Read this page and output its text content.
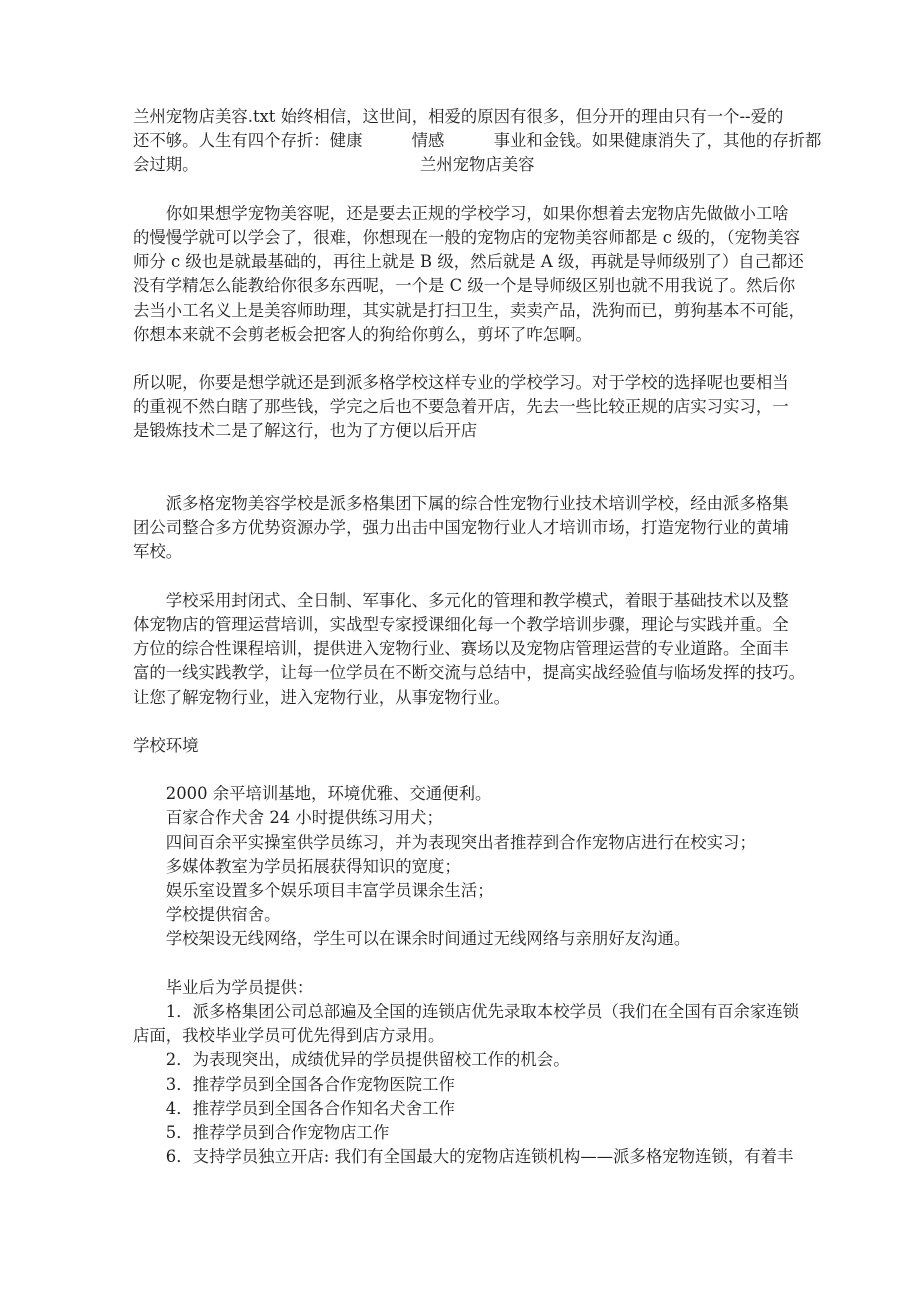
兰州宠物店美容.txt 始终相信，这世间，相爱的原因有很多，但分开的理由只有一个--爱的
还不够。人生有四个存折：健康　　　情感　　　事业和金钱。如果健康消失了，其他的存折都
会过期。　　　　　　　　　　　　　　兰州宠物店美容
　　你如果想学宠物美容呢，还是要去正规的学校学习，如果你想着去宠物店先做做小工啥
的慢慢学就可以学会了，很难，你想现在一般的宠物店的宠物美容师都是 c 级的，（宠物美容
师分 c 级也是就最基础的，再往上就是 B 级，然后就是 A 级，再就是导师级别了）自己都还
没有学精怎么能教给你很多东西呢，一个是 C 级一个是导师级区别也就不用我说了。然后你
去当小工名义上是美容师助理，其实就是打扫卫生，卖卖产品，洗狗而已，剪狗基本不可能，
你想本来就不会剪老板会把客人的狗给你剪么，剪坏了咋怎啊。
所以呢，你要是想学就还是到派多格学校这样专业的学校学习。对于学校的选择呢也要相当
的重视不然白瞎了那些钱，学完之后也不要急着开店，先去一些比较正规的店实习实习，一
是锻炼技术二是了解这行，也为了方便以后开店
　　派多格宠物美容学校是派多格集团下属的综合性宠物行业技术培训学校，经由派多格集
团公司整合多方优势资源办学，强力出击中国宠物行业人才培训市场，打造宠物行业的黄埔
军校。
　　学校采用封闭式、全日制、军事化、多元化的管理和教学模式，着眼于基础技术以及整
体宠物店的管理运营培训，实战型专家授课细化每一个教学培训步骤，理论与实践并重。全
方位的综合性课程培训，提供进入宠物行业、赛场以及宠物店管理运营的专业道路。全面丰
富的一线实践教学，让每一位学员在不断交流与总结中，提高实战经验值与临场发挥的技巧。
让您了解宠物行业，进入宠物行业，从事宠物行业。
学校环境
　　2000 余平培训基地，环境优雅、交通便利。
　　百家合作犬舍 24 小时提供练习用犬；
　　四间百余平实操室供学员练习，并为表现突出者推荐到合作宠物店进行在校实习；
　　多媒体教室为学员拓展获得知识的宽度；
　　娱乐室设置多个娱乐项目丰富学员课余生活；
　　学校提供宿舍。
　　学校架设无线网络，学生可以在课余时间通过无线网络与亲朋好友沟通。
　　毕业后为学员提供：
　　1．派多格集团公司总部遍及全国的连锁店优先录取本校学员（我们在全国有百余家连锁
店面，我校毕业学员可优先得到店方录用。
　　2．为表现突出，成绩优异的学员提供留校工作的机会。
　　3．推荐学员到全国各合作宠物医院工作
　　4．推荐学员到全国各合作知名犬舍工作
　　5．推荐学员到合作宠物店工作
　　6．支持学员独立开店: 我们有全国最大的宠物店连锁机构——派多格宠物连锁，有着丰
